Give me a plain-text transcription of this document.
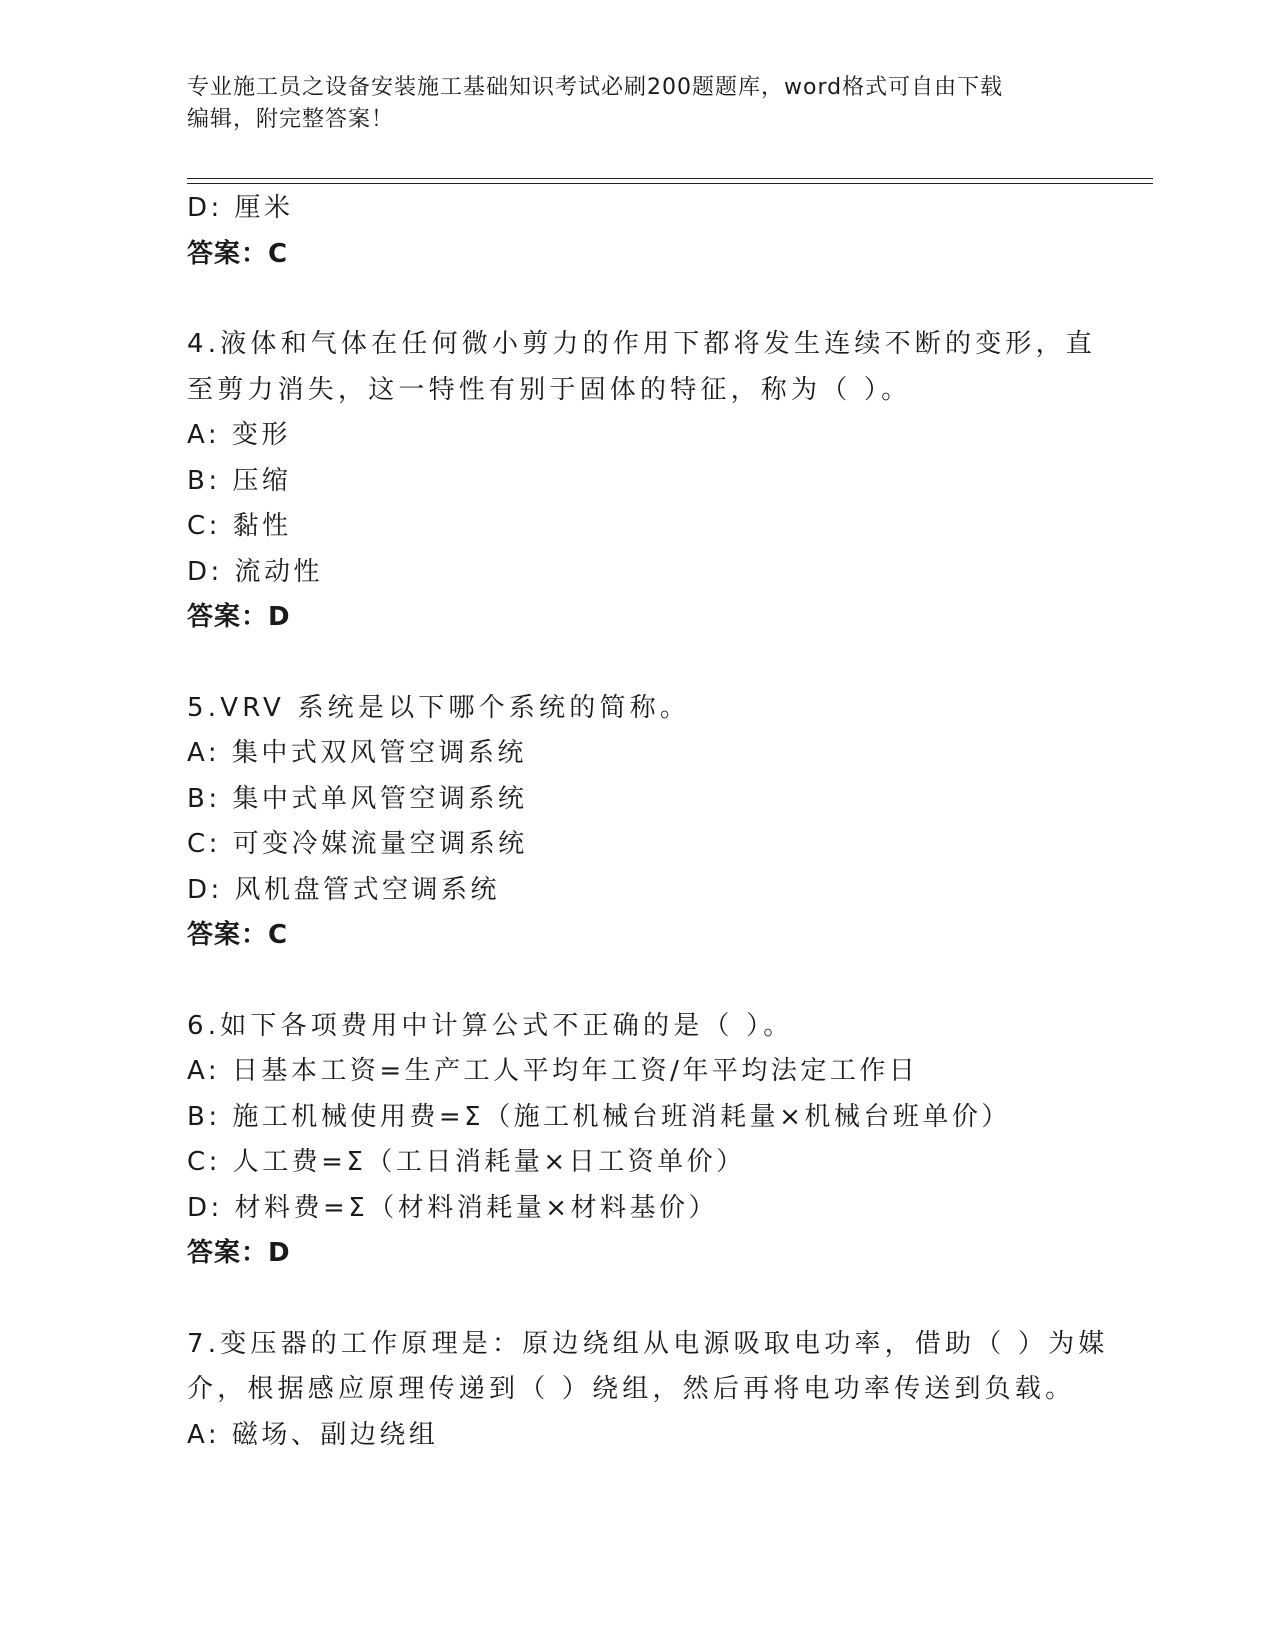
专业施工员之设备安装施工基础知识考试必刷200题题库，word格式可自由下载
编辑，附完整答案！
D: 厘米
答案：C
4.液体和气体在任何微小剪力的作用下都将发生连续不断的变形，直
至剪力消失，这一特性有别于固体的特征，称为（ ）。
A: 变形
B: 压缩
C: 黏性
D: 流动性
答案：D
5.VRV 系统是以下哪个系统的简称。
A: 集中式双风管空调系统
B: 集中式单风管空调系统
C: 可变冷媒流量空调系统
D: 风机盘管式空调系统
答案：C
6.如下各项费用中计算公式不正确的是（ ）。
A: 日基本工资=生产工人平均年工资/年平均法定工作日
B: 施工机械使用费=Σ（施工机械台班消耗量×机械台班单价）
C: 人工费=Σ（工日消耗量×日工资单价）
D: 材料费=Σ（材料消耗量×材料基价）
答案：D
7.变压器的工作原理是：原边绕组从电源吸取电功率，借助（ ）为媒
介，根据感应原理传递到（ ）绕组，然后再将电功率传送到负载。
A: 磁场、副边绕组
